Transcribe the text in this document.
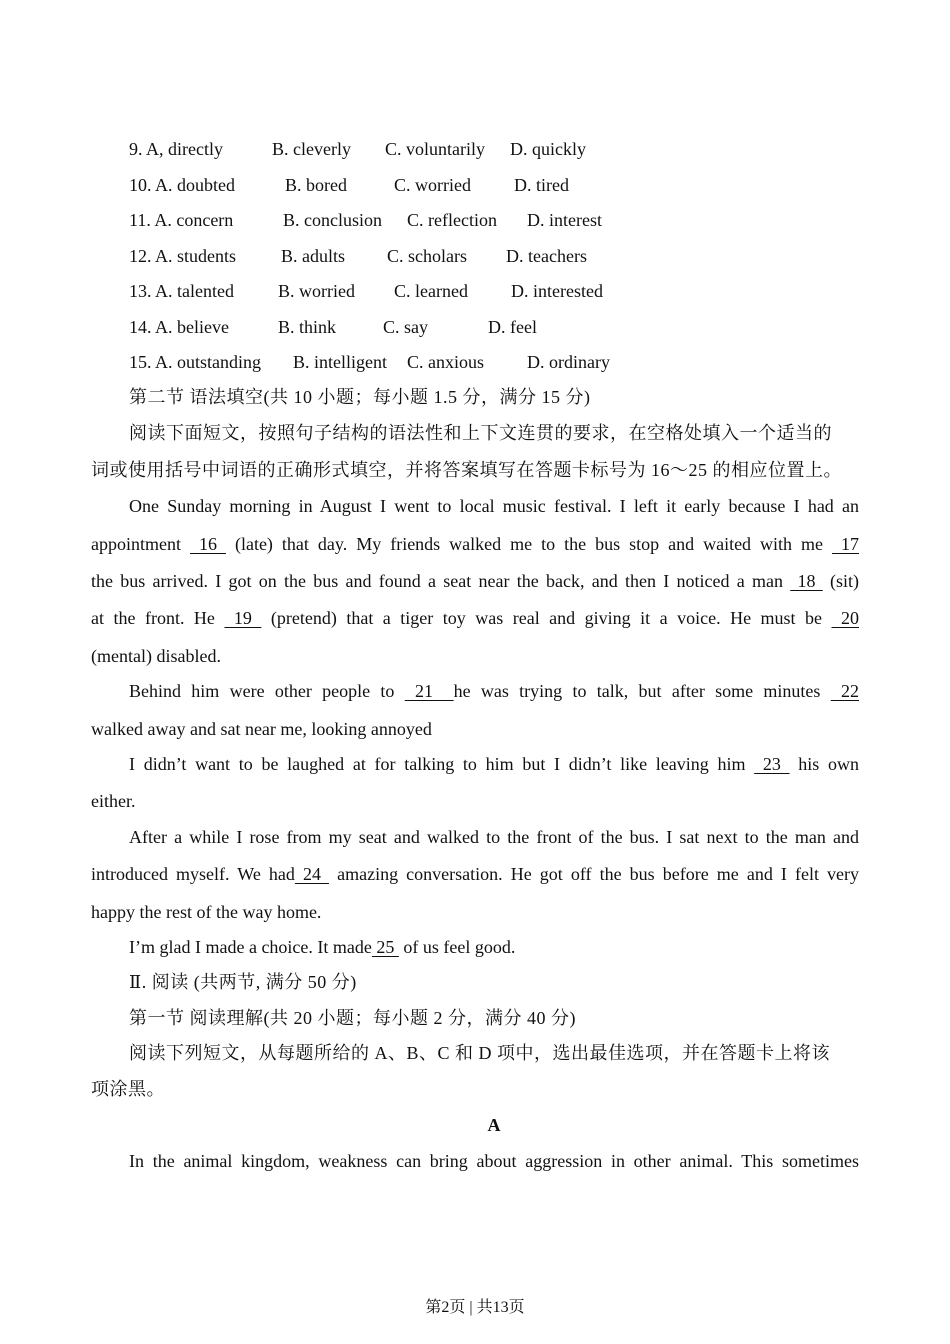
9. A, directly	B. cleverly C. voluntarily D. quickly
10. A. doubted	B. bored	C. worried D. tired
11. A. concern	B. conclusion C. reflection D. interest
12. A. students B. adults C. scholars D. teachers
13. A. talented B. worried C. learned D. interested
14. A. believe	B. think	C. say	D. feel
15. A. outstanding B. intelligent C. anxious D. ordinary
第二节 语法填空(共 10 小题；每小题 1.5 分，满分 15 分)
阅读下面短文，按照句子结构的语法性和上下文连贯的要求，在空格处填入一个适当的
词或使用括号中词语的正确形式填空，并将答案填写在答题卡标号为 16～25 的相应位置上。
One Sunday morning in August I went to local music festival. I left it early because I had an
appointment  16  (late) that day. My friends walked me to the bus stop and waited with me  17
the bus arrived. I got on the bus and found a seat near the back, and then I noticed a man  18  (sit)
at the front. He  19  (pretend) that a tiger toy was real and giving it a voice. He must be  20
(mental) disabled.
Behind him were other people to  21  he was trying to talk, but after some minutes  22
walked away and sat near me, looking annoyed
I didn’t want to be laughed at for talking to him but I didn’t like leaving him  23  his own
either.
After a while I rose from my seat and walked to the front of the bus. I sat next to the man and
introduced myself. We had 24  amazing conversation. He got off the bus before me and I felt very
happy the rest of the way home.
I’m glad I made a choice. It made 25  of us feel good.
Ⅱ. 阅读 (共两节, 满分 50 分)
第一节 阅读理解(共 20 小题；每小题 2 分，满分 40 分)
阅读下列短文，从每题所给的 A、B、C 和 D 项中，选出最佳选项，并在答题卡上将该
项涂黑。
A
In the animal kingdom, weakness can bring about aggression in other animal. This sometimes
第2页 | 共13页
